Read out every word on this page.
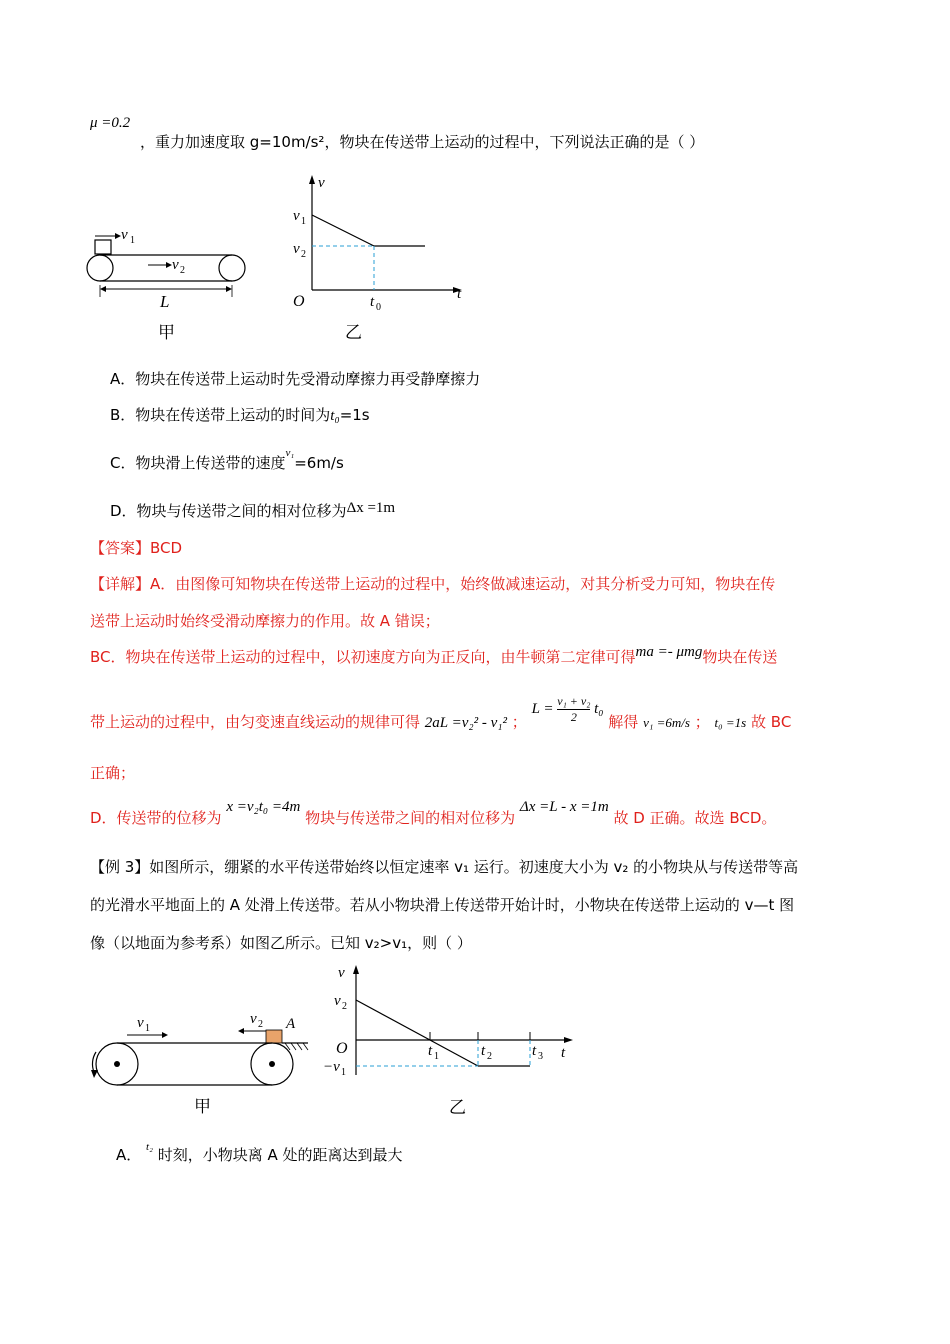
μ =0.2
，重力加速度取 g=10m/s²，物块在传送带上运动的过程中，下列说法正确的是（ ）
v 1
v 2
L
甲
v
t
v 1
v 2
O	t 0
乙
A．物块在传送带上运动时先受滑动摩擦力再受静摩擦力
B．物块在传送带上运动的时间为t₀=1s
C．物块滑上传送带的速度$^{v_1}$=6m/s
D．物块与传送带之间的相对位移为Δx =1m
【答案】BCD
【详解】A．由图像可知物块在传送带上运动的过程中，始终做减速运动，对其分析受力可知，物块在传
送带上运动时始终受滑动摩擦力的作用。故 A 错误；
BC．物块在传送带上运动的过程中，以初速度方向为正反向，由牛顿第二定律可得ma =- μmg物块在传送
带上运动的过程中，由匀变速直线运动的规律可得 2aL =v₂² - v₁² ； $L = \frac{\text{v₁ + v₂}}{2} t_0$ 解得 v₁ =6m/s ； t₀ =1s 故 BC
正确；
D．传送带的位移为 x =v₂t₀ =4m 物块与传送带之间的相对位移为 Δx =L - x =1m 故 D 正确。故选 BCD。
【例 3】如图所示，绷紧的水平传送带始终以恒定速率 v₁ 运行。初速度大小为 v₂ 的小物块从与传送带等高
的光滑水平地面上的 A 处滑上传送带。若从小物块滑上传送带开始计时，小物块在传送带上运动的 v—t 图
像（以地面为参考系）如图乙所示。已知 v₂>v₁，则（ ）
v 1
v 2 A
甲
v
t
v 2
O
−v 1
t 1	t 2	t 3
乙
A． t₂ 时刻，小物块离 A 处的距离达到最大
